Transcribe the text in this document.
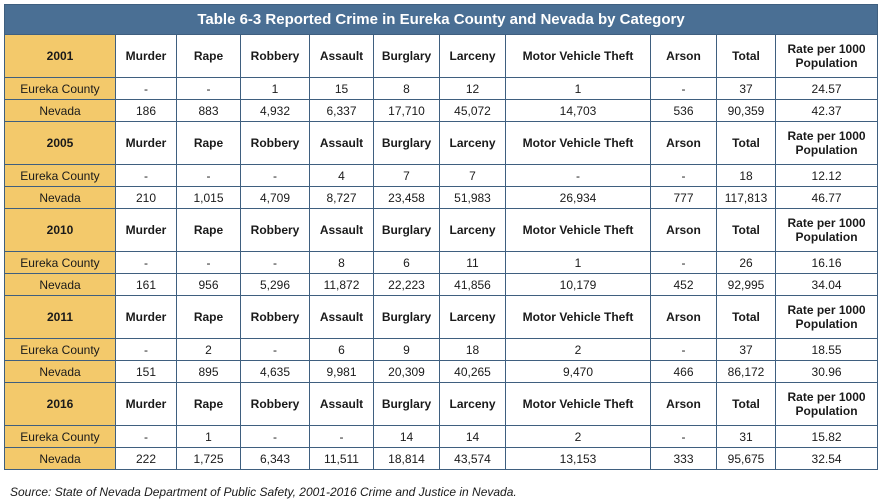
Table 6-3 Reported Crime in Eureka County and Nevada by Category										
2001	Murder	Rape	Robbery	Assault	Burglary	Larceny	Motor Vehicle Theft	Arson	Total	Rate per 1000 Population
Eureka County	-	-	1	15	8	12	1	-	37	24.57
Nevada	186	883	4,932	6,337	17,710	45,072	14,703	536	90,359	42.37
2005	Murder	Rape	Robbery	Assault	Burglary	Larceny	Motor Vehicle Theft	Arson	Total	Rate per 1000 Population
Eureka County	-	-	-	4	7	7	-	-	18	12.12
Nevada	210	1,015	4,709	8,727	23,458	51,983	26,934	777	117,813	46.77
2010	Murder	Rape	Robbery	Assault	Burglary	Larceny	Motor Vehicle Theft	Arson	Total	Rate per 1000 Population
Eureka County	-	-	-	8	6	11	1	-	26	16.16
Nevada	161	956	5,296	11,872	22,223	41,856	10,179	452	92,995	34.04
2011	Murder	Rape	Robbery	Assault	Burglary	Larceny	Motor Vehicle Theft	Arson	Total	Rate per 1000 Population
Eureka County	-	2	-	6	9	18	2	-	37	18.55
Nevada	151	895	4,635	9,981	20,309	40,265	9,470	466	86,172	30.96
2016	Murder	Rape	Robbery	Assault	Burglary	Larceny	Motor Vehicle Theft	Arson	Total	Rate per 1000 Population
Eureka County	-	1	-	-	14	14	2	-	31	15.82
Nevada	222	1,725	6,343	11,511	18,814	43,574	13,153	333	95,675	32.54
Source: State of Nevada Department of Public Safety, 2001-2016 Crime and Justice in Nevada.
